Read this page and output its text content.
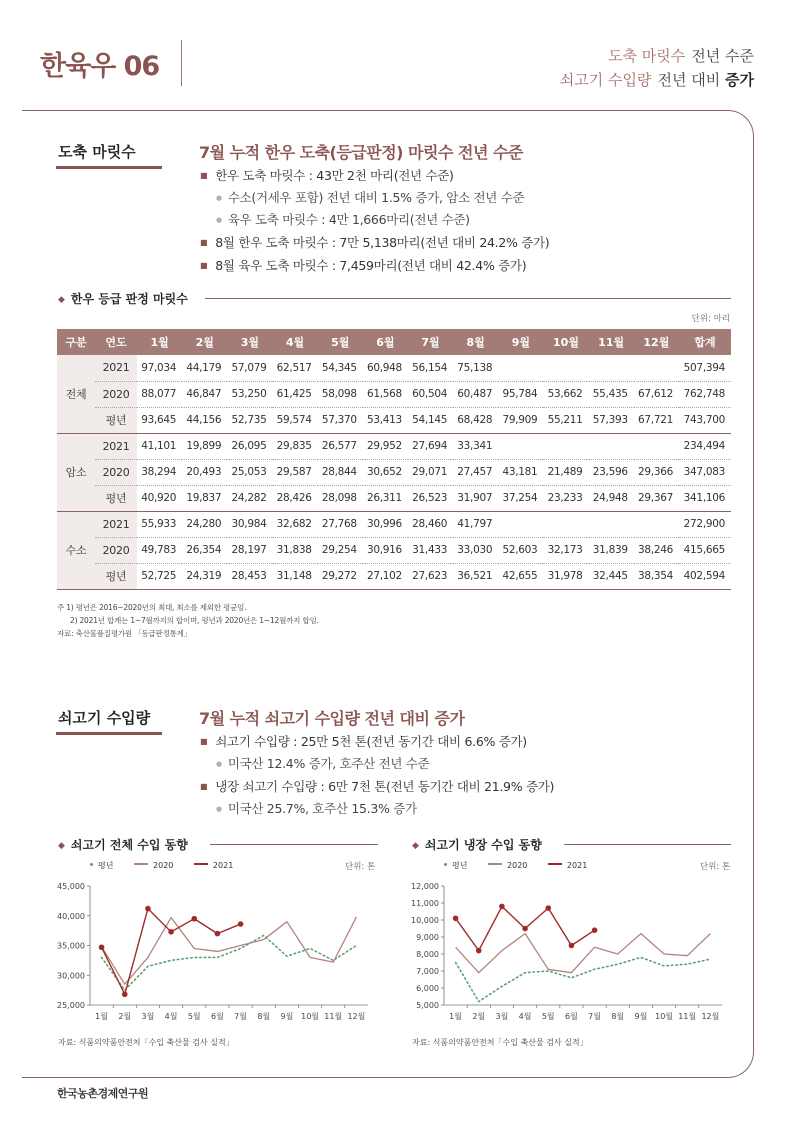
한육우 06	도축 마릿수 전년 수준
쇠고기 수입량 전년 대비 증가
도축 마릿수	7월 누적 한우 도축(등급판정) 마릿수 전년 수준
■ 한우 도축 마릿수 : 43만 2천 마리(전년 수준)
● 수소(거세우 포함) 전년 대비 1.5% 증가, 암소 전년 수준
● 육우 도축 마릿수 : 4만 1,666마리(전년 수준)
■ 8월 한우 도축 마릿수 : 7만 5,138마리(전년 대비 24.2% 증가)
■ 8월 육우 도축 마릿수 : 7,459마리(전년 대비 42.4% 증가)
◆ 한우 등급 판정 마릿수
단위: 마리
구분	연도	1월	2월	3월	4월	5월	6월	7월	8월	9월	10월	11월	12월	합계
전체	2021	97,034	44,179	57,079	62,517	54,345	60,948	56,154	75,138					507,394
	2020	88,077	46,847	53,250	61,425	58,098	61,568	60,504	60,487	95,784	53,662	55,435	67,612	762,748
	평년	93,645	44,156	52,735	59,574	57,370	53,413	54,145	68,428	79,909	55,211	57,393	67,721	743,700
암소	2021	41,101	19,899	26,095	29,835	26,577	29,952	27,694	33,341					234,494
	2020	38,294	20,493	25,053	29,587	28,844	30,652	29,071	27,457	43,181	21,489	23,596	29,366	347,083
	평년	40,920	19,837	24,282	28,426	28,098	26,311	26,523	31,907	37,254	23,233	24,948	29,367	341,106
수소	2021	55,933	24,280	30,984	32,682	27,768	30,996	28,460	41,797					272,900
	2020	49,783	26,354	28,197	31,838	29,254	30,916	31,433	33,030	52,603	32,173	31,839	38,246	415,665
	평년	52,725	24,319	28,453	31,148	29,272	27,102	27,623	36,521	42,655	31,978	32,445	38,354	402,594
주 1) 평년은 2016~2020년의 최대, 최소를 제외한 평균임.
2) 2021년 합계는 1~7월까지의 합이며, 평년과 2020년은 1~12월까지 합임.
자료: 축산물품질평가원 「등급판정통계」
쇠고기 수입량	7월 누적 쇠고기 수입량 전년 대비 증가
■ 쇠고기 수입량 : 25만 5천 톤(전년 동기간 대비 6.6% 증가)
● 미국산 12.4% 증가, 호주산 전년 수준
■ 냉장 쇠고기 수입량 : 6만 7천 톤(전년 동기간 대비 21.9% 증가)
● 미국산 25.7%, 호주산 15.3% 증가
◆ 쇠고기 전체 수입 동향
평년	2020	2021	단위: 톤
25,000
30,000
35,000
40,000
45,000
1월 2월 3월 4월 5월 6월 7월 8월 9월 10월 11월 12월
자료: 식품의약품안전처「수입 축산물 검사 실적」
◆ 쇠고기 냉장 수입 동향
평년	2020	2021	단위: 톤
5,000
6,000
7,000
8,000
9,000
10,000
11,000
12,000
1월 2월 3월 4월 5월 6월 7월 8월 9월 10월 11월 12월
자료: 식품의약품안전처「수입 축산물 검사 실적」
한국농촌경제연구원
